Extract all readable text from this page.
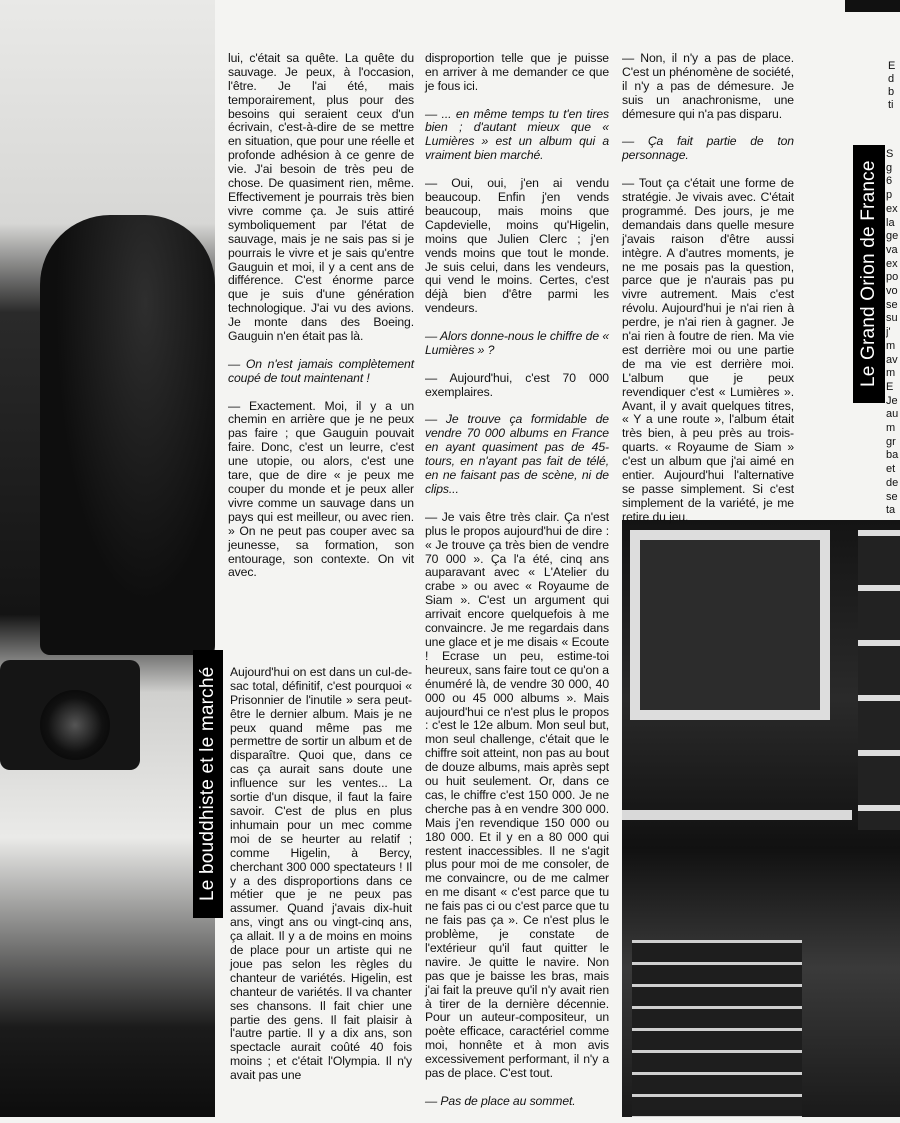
E
d
b
ti
S
g
6
p
ex
la
ge
va
ex
po
vo
se
su
j'
m
av
m
E
Je
au
m
gr
ba
et
de
se
ta
Le bouddhiste et le marché
Le Grand Orion de France

lui, c'était sa quête. La quête du sauvage. Je peux, à l'occasion, l'être. Je l'ai été, mais temporairement, plus pour des besoins qui seraient ceux d'un écrivain, c'est-à-dire de se mettre en situation, que pour une réelle et profonde adhésion à ce genre de vie. J'ai besoin de très peu de chose. De quasiment rien, même. Effectivement je pourrais très bien vivre comme ça. Je suis attiré symboliquement par l'état de sauvage, mais je ne sais pas si je pourrais le vivre et je sais qu'entre Gauguin et moi, il y a cent ans de différence. C'est énorme parce que je suis d'une génération technologique. J'ai vu des avions. Je monte dans des Boeing. Gauguin n'en était pas là.

— On n'est jamais complètement coupé de tout maintenant !

— Exactement. Moi, il y a un chemin en arrière que je ne peux pas faire ; que Gauguin pouvait faire. Donc, c'est un leurre, c'est une utopie, ou alors, c'est une tare, que de dire « je peux me couper du monde et je peux aller vivre comme un sauvage dans un pays qui est meilleur, ou avec rien. » On ne peut pas couper avec sa jeunesse, sa formation, son entourage, son contexte. On vit avec.

Aujourd'hui on est dans un cul-de-sac total, définitif, c'est pourquoi « Prisonnier de l'inutile » sera peut-être le dernier album. Mais je ne peux quand même pas me permettre de sortir un album et de disparaître. Quoi que, dans ce cas ça aurait sans doute une influence sur les ventes... La sortie d'un disque, il faut la faire savoir. C'est de plus en plus inhumain pour un mec comme moi de se heurter au relatif ; comme Higelin, à Bercy, cherchant 300 000 spectateurs ! Il y a des disproportions dans ce métier que je ne peux pas assumer. Quand j'avais dix-huit ans, vingt ans ou vingt-cinq ans, ça allait. Il y a de moins en moins de place pour un artiste qui ne joue pas selon les règles du chanteur de variétés. Higelin, est chanteur de variétés. Il va chanter ses chansons. Il fait chier une partie des gens. Il fait plaisir à l'autre partie. Il y a dix ans, son spectacle aurait coûté 40 fois moins ; et c'était l'Olympia. Il n'y avait pas une

disproportion telle que je puisse en arriver à me demander ce que je fous ici.

— ... en même temps tu t'en tires bien ; d'autant mieux que « Lumières » est un album qui a vraiment bien marché.

— Oui, oui, j'en ai vendu beaucoup. Enfin j'en vends beaucoup, mais moins que Capdevielle, moins qu'Higelin, moins que Julien Clerc ; j'en vends moins que tout le monde. Je suis celui, dans les vendeurs, qui vend le moins. Certes, c'est déjà bien d'être parmi les vendeurs.

— Alors donne-nous le chiffre de « Lumières » ?

— Aujourd'hui, c'est 70 000 exemplaires.

— Je trouve ça formidable de vendre 70 000 albums en France en ayant quasiment pas de 45-tours, en n'ayant pas fait de télé, en ne faisant pas de scène, ni de clips...

— Je vais être très clair. Ça n'est plus le propos aujourd'hui de dire : « Je trouve ça très bien de vendre 70 000 ». Ça l'a été, cinq ans auparavant avec « L'Atelier du crabe » ou avec « Royaume de Siam ». C'est un argument qui arrivait encore quelquefois à me convaincre. Je me regardais dans une glace et je me disais « Ecoute ! Ecrase un peu, estime-toi heureux, sans faire tout ce qu'on a énuméré là, de vendre 30 000, 40 000 ou 45 000 albums ». Mais aujourd'hui ce n'est plus le propos : c'est le 12e album. Mon seul but, mon seul challenge, c'était que le chiffre soit atteint, non pas au bout de douze albums, mais après sept ou huit seulement. Or, dans ce cas, le chiffre c'est 150 000. Je ne cherche pas à en vendre 300 000. Mais j'en revendique 150 000 ou 180 000. Et il y en a 80 000 qui restent inaccessibles. Il ne s'agit plus pour moi de me consoler, de me convaincre, ou de me calmer en me disant « c'est parce que tu ne fais pas ci ou c'est parce que tu ne fais pas ça ». Ce n'est plus le problème, je constate de l'extérieur qu'il faut quitter le navire. Je quitte le navire. Non pas que je baisse les bras, mais j'ai fait la preuve qu'il n'y avait rien à tirer de la dernière décennie. Pour un auteur-compositeur, un poète efficace, caractériel comme moi, honnête et à mon avis excessivement performant, il n'y a pas de place. C'est tout.

— Pas de place au sommet.

— Non, il n'y a pas de place. C'est un phénomène de société, il n'y a pas de démesure. Je suis un anachronisme, une démesure qui n'a pas disparu.

— Ça fait partie de ton personnage.

— Tout ça c'était une forme de stratégie. Je vivais avec. C'était programmé. Des jours, je me demandais dans quelle mesure j'avais raison d'être aussi intègre. A d'autres moments, je ne me posais pas la question, parce que je n'aurais pas pu vivre autrement. Mais c'est révolu. Aujourd'hui je n'ai rien à perdre, je n'ai rien à gagner. Je n'ai rien à foutre de rien. Ma vie est derrière moi ou une partie de ma vie est derrière moi. L'album que je peux revendiquer c'est « Lumières ». Avant, il y avait quelques titres, « Y a une route », l'album était très bien, à peu près au trois-quarts. « Royaume de Siam » c'est un album que j'ai aimé en entier. Aujourd'hui l'alternative se passe simplement. Si c'est simplement de la variété, je me retire du jeu.
